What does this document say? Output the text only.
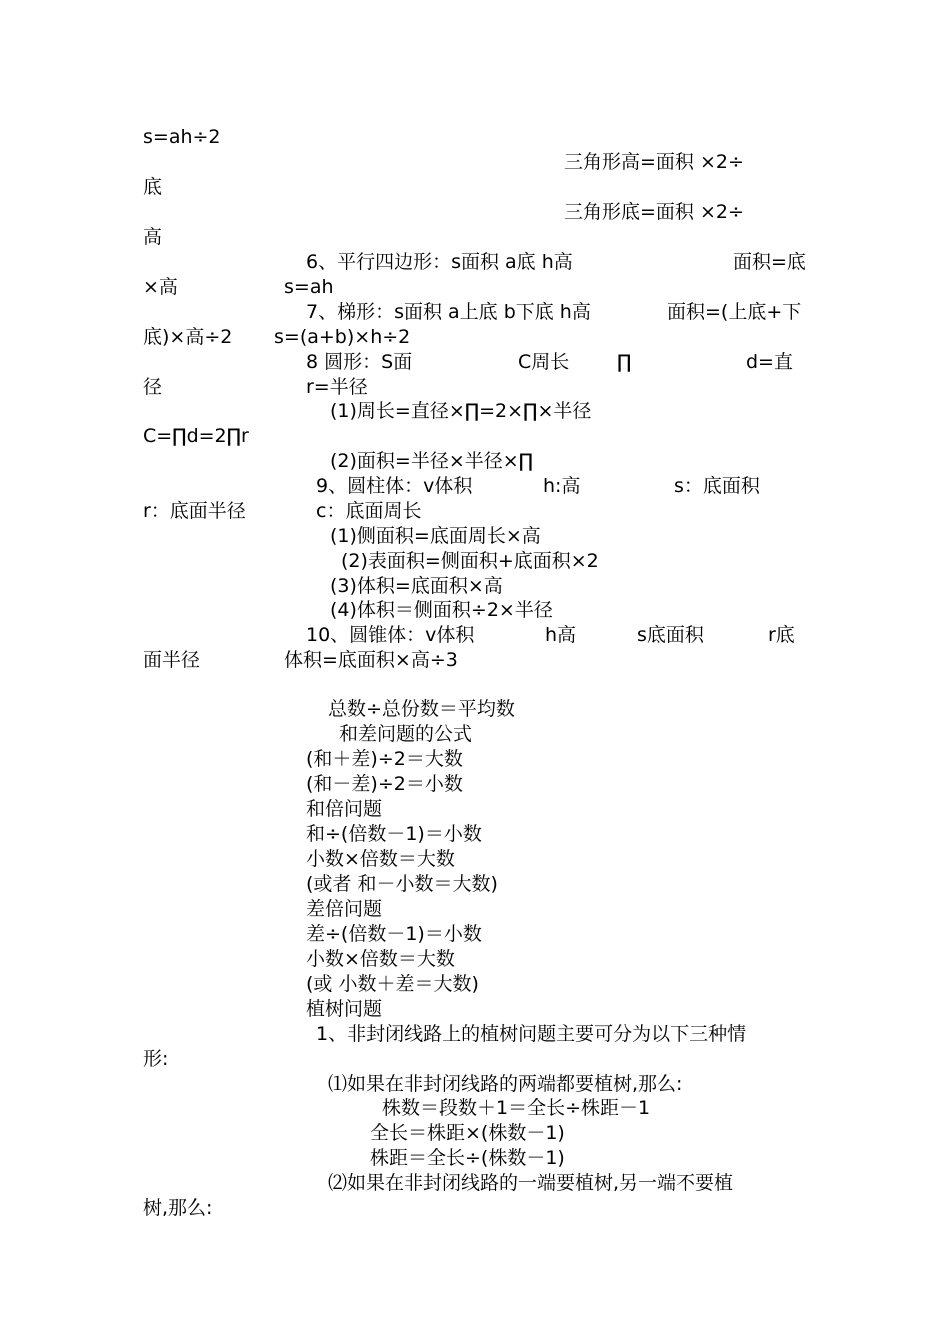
s=ah÷2
三角形高=面积 ×2÷
底
三角形底=面积 ×2÷
高
6、平行四边形：s面积 a底 h高	面积=底
×高	s=ah
7、梯形：s面积 a上底 b下底 h高	面积=(上底+下
底)×高÷2 s=(a+b)×h÷2
8 圆形：S面	C周长	∏	d=直
径	r=半径
(1)周长=直径×∏=2×∏×半径
C=∏d=2∏r
(2)面积=半径×半径×∏
9、圆柱体：v体积	h:高	s：底面积
r：底面半径	c：底面周长
(1)侧面积=底面周长×高
(2)表面积=侧面积+底面积×2
(3)体积=底面积×高
(4)体积＝侧面积÷2×半径
10、圆锥体：v体积	h高	s底面积	r底
面半径	体积=底面积×高÷3
总数÷总份数＝平均数
和差问题的公式
(和＋差)÷2＝大数
(和－差)÷2＝小数
和倍问题
和÷(倍数－1)＝小数
小数×倍数＝大数
(或者 和－小数＝大数)
差倍问题
差÷(倍数－1)＝小数
小数×倍数＝大数
(或 小数＋差＝大数)
植树问题
1、非封闭线路上的植树问题主要可分为以下三种情
形:
⑴如果在非封闭线路的两端都要植树,那么:
株数＝段数＋1＝全长÷株距－1
全长＝株距×(株数－1)
株距＝全长÷(株数－1)
⑵如果在非封闭线路的一端要植树,另一端不要植
树,那么:
